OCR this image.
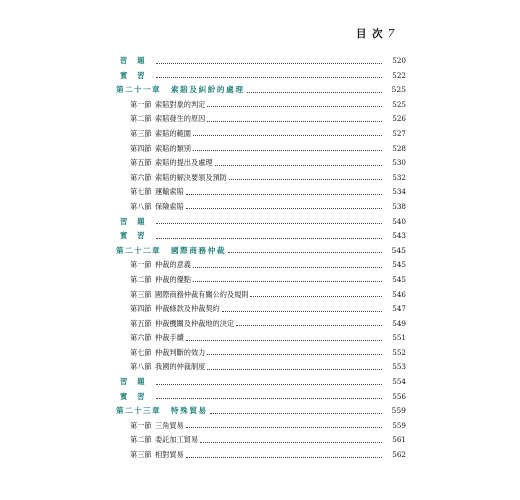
目 次 7
習題	520
實習	522
第二十一章 索賠及糾紛的處理	525
第一節 索賠對象的判定	525
第二節 索賠發生的原因	526
第三節 索賠的範圍	527
第四節 索賠的類別	528
第五節 索賠的提出及處理	530
第六節 索賠的解決要領及預防	532
第七節 運輸索賠	534
第八節 保險索賠	538
習題	540
實習	543
第二十二章 國際商務仲裁	545
第一節 仲裁的意義	545
第二節 仲裁的優點	545
第三節 國際商務仲裁有關公約及規則	546
第四節 仲裁條款及仲裁契約	547
第五節 仲裁機關及仲裁地的決定	549
第六節 仲裁手續	551
第七節 仲裁判斷的效力	552
第八節 我國的仲裁制度	553
習題	554
實習	556
第二十三章 特殊貿易	559
第一節 三角貿易	559
第二節 委託加工貿易	561
第三節 相對貿易	562
